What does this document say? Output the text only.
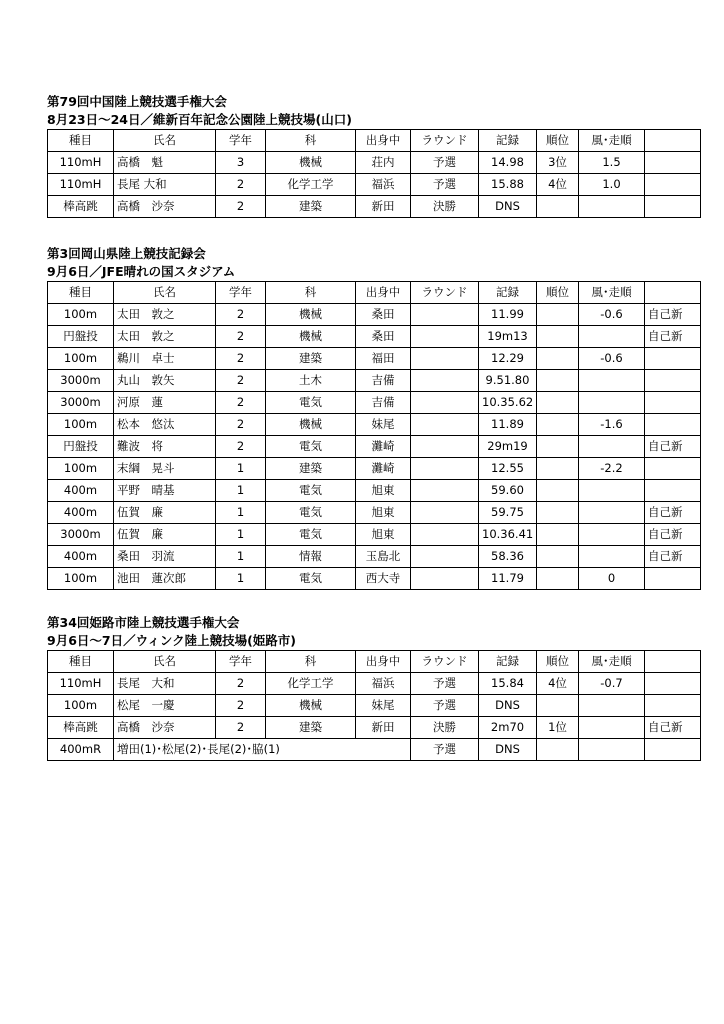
第79回中国陸上競技選手権大会
8月23日～24日／維新百年記念公園陸上競技場(山口)
種目	氏名	学年	科	出身中	ラウンド	記録	順位	風･走順	
110mH	高橋　魁	3	機械	荘内	予選	14.98	3位	1.5	
110mH	長尾 大和	2	化学工学	福浜	予選	15.88	4位	1.0	
棒高跳	高橋　沙奈	2	建築	新田	決勝	DNS			
第3回岡山県陸上競技記録会
9月6日／JFE晴れの国スタジアム
種目	氏名	学年	科	出身中	ラウンド	記録	順位	風･走順	
100m	太田　敦之	2	機械	桑田		11.99		-0.6	自己新
円盤投	太田　敦之	2	機械	桑田		19m13			自己新
100m	鵜川　卓士	2	建築	福田		12.29		-0.6	
3000m	丸山　敦矢	2	土木	吉備		9.51.80			
3000m	河原　蓮	2	電気	吉備		10.35.62			
100m	松本　悠汰	2	機械	妹尾		11.89		-1.6	
円盤投	難波　将	2	電気	灘崎		29m19			自己新
100m	末綱　晃斗	1	建築	灘崎		12.55		-2.2	
400m	平野　晴基	1	電気	旭東		59.60			
400m	伍賀　廉	1	電気	旭東		59.75			自己新
3000m	伍賀　廉	1	電気	旭東		10.36.41			自己新
400m	桑田　羽流	1	情報	玉島北		58.36			自己新
100m	池田　蓮次郎	1	電気	西大寺		11.79		0	
第34回姫路市陸上競技選手権大会
9月6日～7日／ウィンク陸上競技場(姫路市)
種目	氏名	学年	科	出身中	ラウンド	記録	順位	風･走順	
110mH	長尾　大和	2	化学工学	福浜	予選	15.84	4位	-0.7	
100m	松尾　一慶	2	機械	妹尾	予選	DNS			
棒高跳	高橋　沙奈	2	建築	新田	決勝	2m70	1位		自己新
400mR	増田(1)･松尾(2)･長尾(2)･脇(1)				予選	DNS			
